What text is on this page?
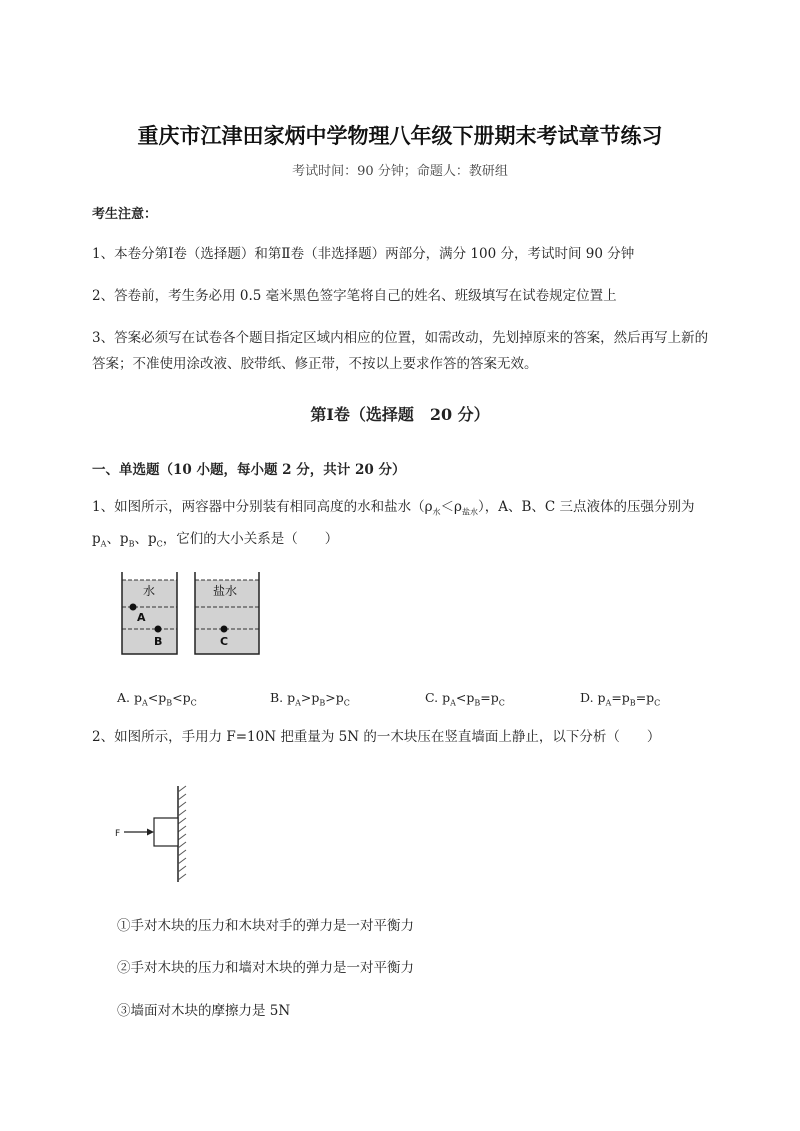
重庆市江津田家炳中学物理八年级下册期末考试章节练习
考试时间：90 分钟；命题人：教研组
考生注意：
1、本卷分第Ⅰ卷（选择题）和第Ⅱ卷（非选择题）两部分，满分 100 分，考试时间 90 分钟
2、答卷前，考生务必用 0.5 毫米黑色签字笔将自己的姓名、班级填写在试卷规定位置上
3、答案必须写在试卷各个题目指定区域内相应的位置，如需改动，先划掉原来的答案，然后再写上新的答案；不准使用涂改液、胶带纸、修正带，不按以上要求作答的答案无效。
第Ⅰ卷（选择题　20 分）
一、单选题（10 小题，每小题 2 分，共计 20 分）
1、如图所示，两容器中分别装有相同高度的水和盐水$(\rho_水<\rho_{盐水})$，A、B、C 三点液体的压强分别为
$p_A$、$p_B$、$p_C$，它们的大小关系是（　　）
水	盐水
A
B	C
A. $p_A<p_B<p_C$	B. $p_A>p_B>p_C$	C. $p_A<p_B=p_C$	D. $p_A=p_B=p_C$
2、如图所示，手用力 F=10N 把重量为 5N 的一木块压在竖直墙面上静止，以下分析（　　）
F
①手对木块的压力和木块对手的弹力是一对平衡力
②手对木块的压力和墙对木块的弹力是一对平衡力
③墙面对木块的摩擦力是 5N
